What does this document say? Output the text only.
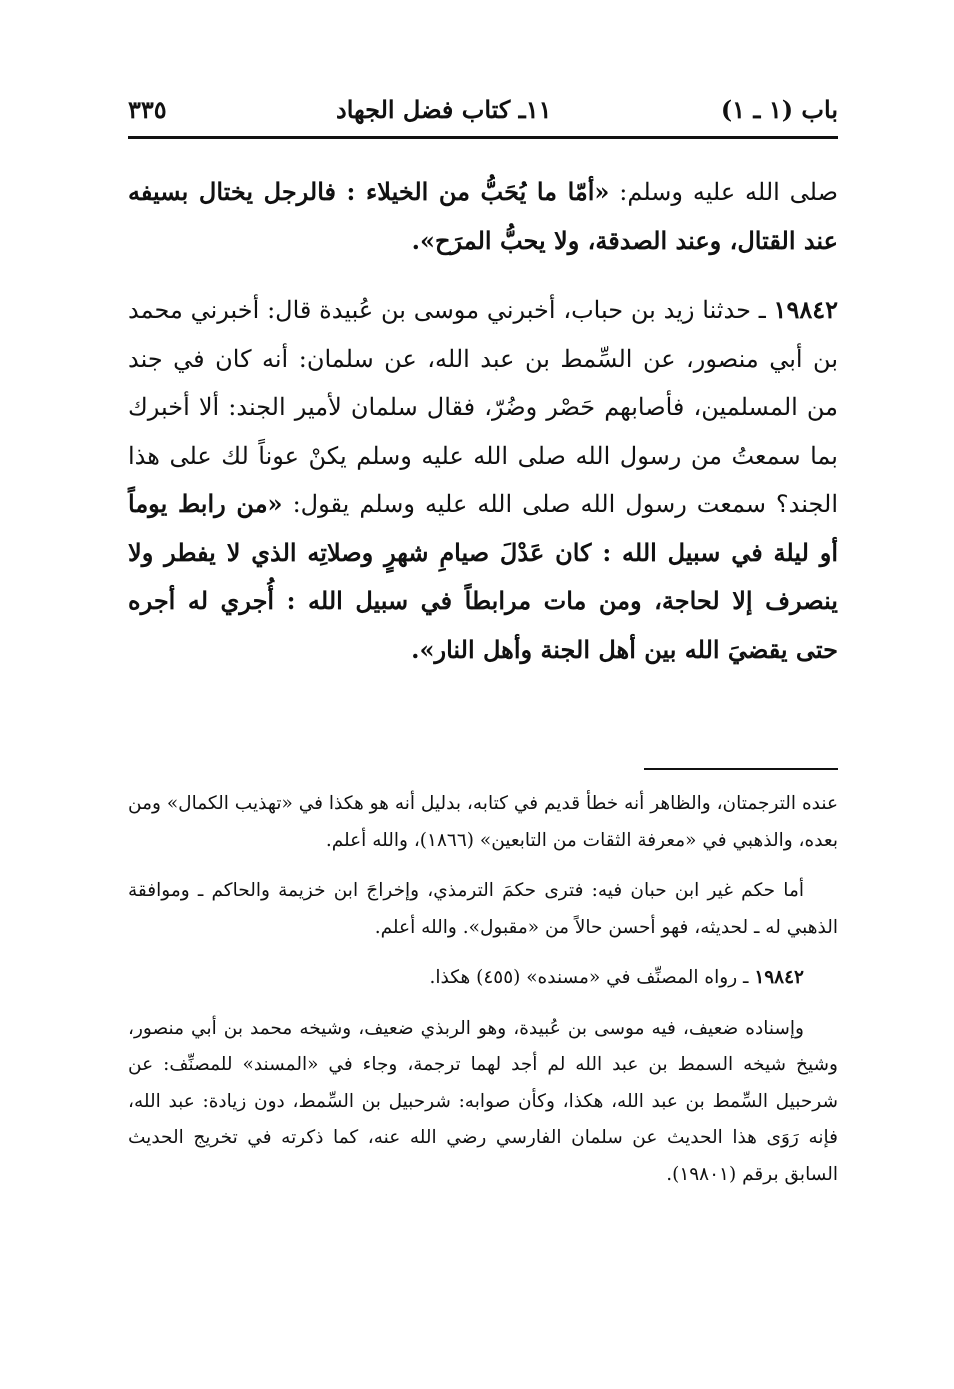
باب (١ ـ ١)
١١ـ كتاب فضل الجهاد
٣٣٥

صلى الله عليه وسلم: «أمّا ما يُحَبُّ من الخيلاء : فالرجل يختال بسيفه عند القتال، وعند الصدقة، ولا يحبُّ المرَح».

١٩٨٤٢ ـ حدثنا زيد بن حباب، أخبرني موسى بن عُبيدة قال: أخبرني محمد بن أبي منصور، عن السِّمط بن عبد الله، عن سلمان: أنه كان في جند من المسلمين، فأصابهم حَصْر وضُرّ، فقال سلمان لأمير الجند: ألا أخبرك بما سمعتُ من رسول الله صلى الله عليه وسلم يكنْ عوناً لك على هذا الجند؟ سمعت رسول الله صلى الله عليه وسلم يقول: «من رابط يوماً أو ليلة في سبيل الله : كان عَدْلَ صيامِ شهرٍ وصلاتِه الذي لا يفطر ولا ينصرف إلا لحاجة، ومن مات مرابطاً في سبيل الله : أُجري له أجره حتى يقضيَ الله بين أهل الجنة وأهل النار».

عنده الترجمتان، والظاهر أنه خطأ قديم في كتابه، بدليل أنه هو هكذا في «تهذيب الكمال» ومن بعده، والذهبي في «معرفة الثقات من التابعين» (١٨٦٦)، والله أعلم.

أما حكم غير ابن حبان فيه: فترى حكمَ الترمذي، وإخراجَ ابن خزيمة والحاكم ـ وموافقة الذهبي له ـ لحديثه، فهو أحسن حالاً من «مقبول». والله أعلم.

١٩٨٤٢ ـ رواه المصنِّف في «مسنده» (٤٥٥) هكذا.

وإسناده ضعيف، فيه موسى بن عُبيدة، وهو الربذي ضعيف، وشيخه محمد بن أبي منصور، وشيخ شيخه السمط بن عبد الله لم أجد لهما ترجمة، وجاء في «المسند» للمصنِّف: عن شرحبيل السِّمط بن عبد الله، هكذا، وكأن صوابه: شرحبيل بن السِّمط، دون زيادة: عبد الله، فإنه رَوَى هذا الحديث عن سلمان الفارسي رضي الله عنه، كما ذكرته في تخريج الحديث السابق برقم (١٩٨٠١).
